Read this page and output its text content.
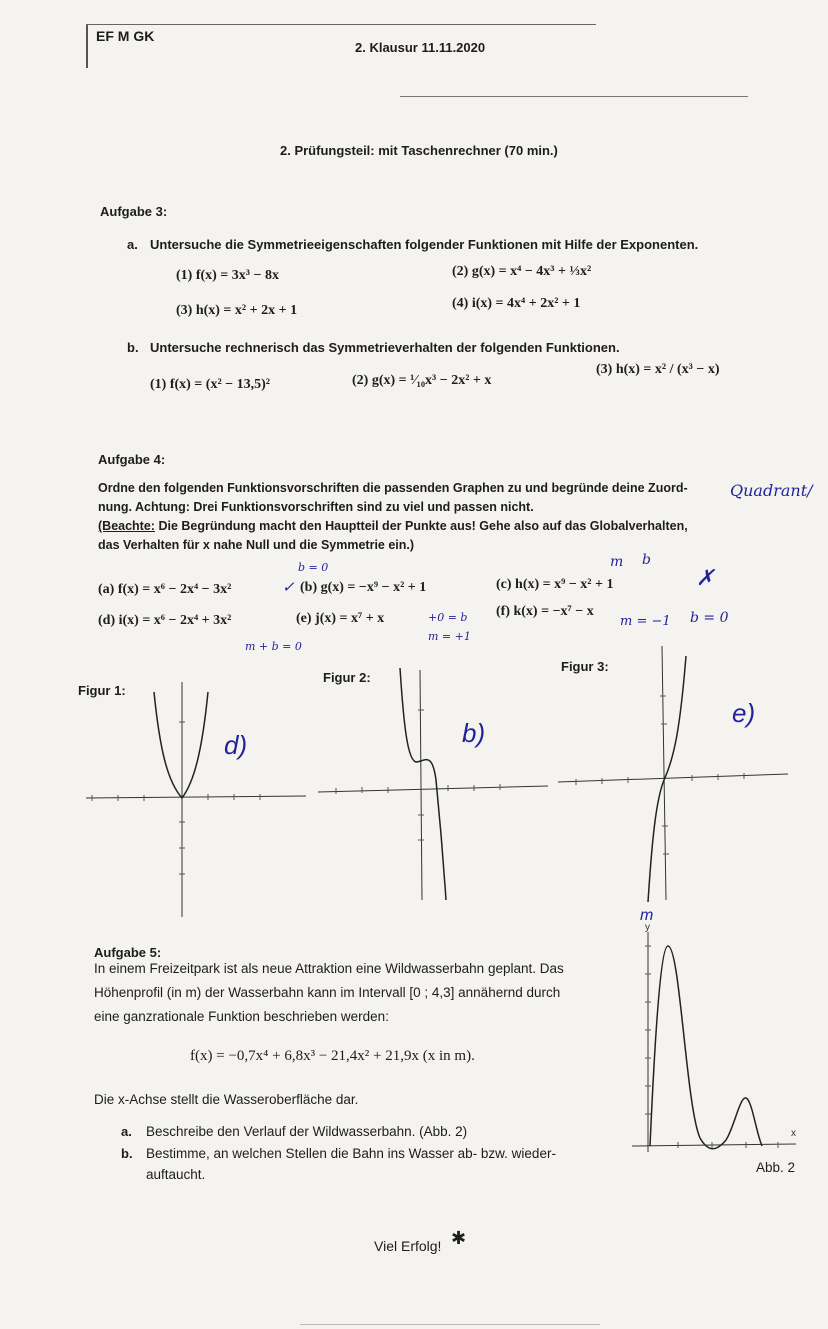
EF M GK
2. Klausur 11.11.2020
2. Prüfungsteil: mit Taschenrechner (70 min.)
Aufgabe 3:
a. Untersuche die Symmetrieeigenschaften folgender Funktionen mit Hilfe der Exponenten.
(1) f(x) = 3x³ − 8x	(2) g(x) = x⁴ − 4x³ + ⅓x²
(3) h(x) = x² + 2x + 1	(4) i(x) = 4x⁴ + 2x² + 1
b. Untersuche rechnerisch das Symmetrieverhalten der folgenden Funktionen.
(1) f(x) = (x² − 13,5)²	(2) g(x) = ¹⁄₁₀x³ − 2x² + x
(3) h(x) = x² / (x³ − x)
Aufgabe 4:
Ordne den folgenden Funktionsvorschriften die passenden Graphen zu und begründe deine Zuord-
nung. Achtung: Drei Funktionsvorschriften sind zu viel und passen nicht.
(Beachte: Die Begründung macht den Hauptteil der Punkte aus! Gehe also auf das Globalverhalten,
das Verhalten für x nahe Null und die Symmetrie ein.)
(a) f(x) = x⁶ − 2x⁴ − 3x²	(b) g(x) = −x⁹ − x² + 1	(c) h(x) = x⁹ − x² + 1
(d) i(x) = x⁶ − 2x⁴ + 3x²	(e) j(x) = x⁷ + x	(f) k(x) = −x⁷ − x
Quadrant/
✓
m b
✗
m = −1 b = 0
m = +1
+0 = b
m + b = 0
b = 0
Figur 1:
Figur 2:
Figur 3:
d)	b)
e)
Aufgabe 5:
In einem Freizeitpark ist als neue Attraktion eine Wildwasserbahn geplant. Das
Höhenprofil (in m) der Wasserbahn kann im Intervall [0 ; 4,3] annähernd durch
eine ganzrationale Funktion beschrieben werden:
f(x) = −0,7x⁴ + 6,8x³ − 21,4x² + 21,9x (x in m).
Die x-Achse stellt die Wasseroberfläche dar.
a. Beschreibe den Verlauf der Wildwasserbahn. (Abb. 2)
b. Bestimme, an welchen Stellen die Bahn ins Wasser ab- bzw. wieder-
auftaucht.
y
x
m
Abb. 2
Viel Erfolg! ✱
